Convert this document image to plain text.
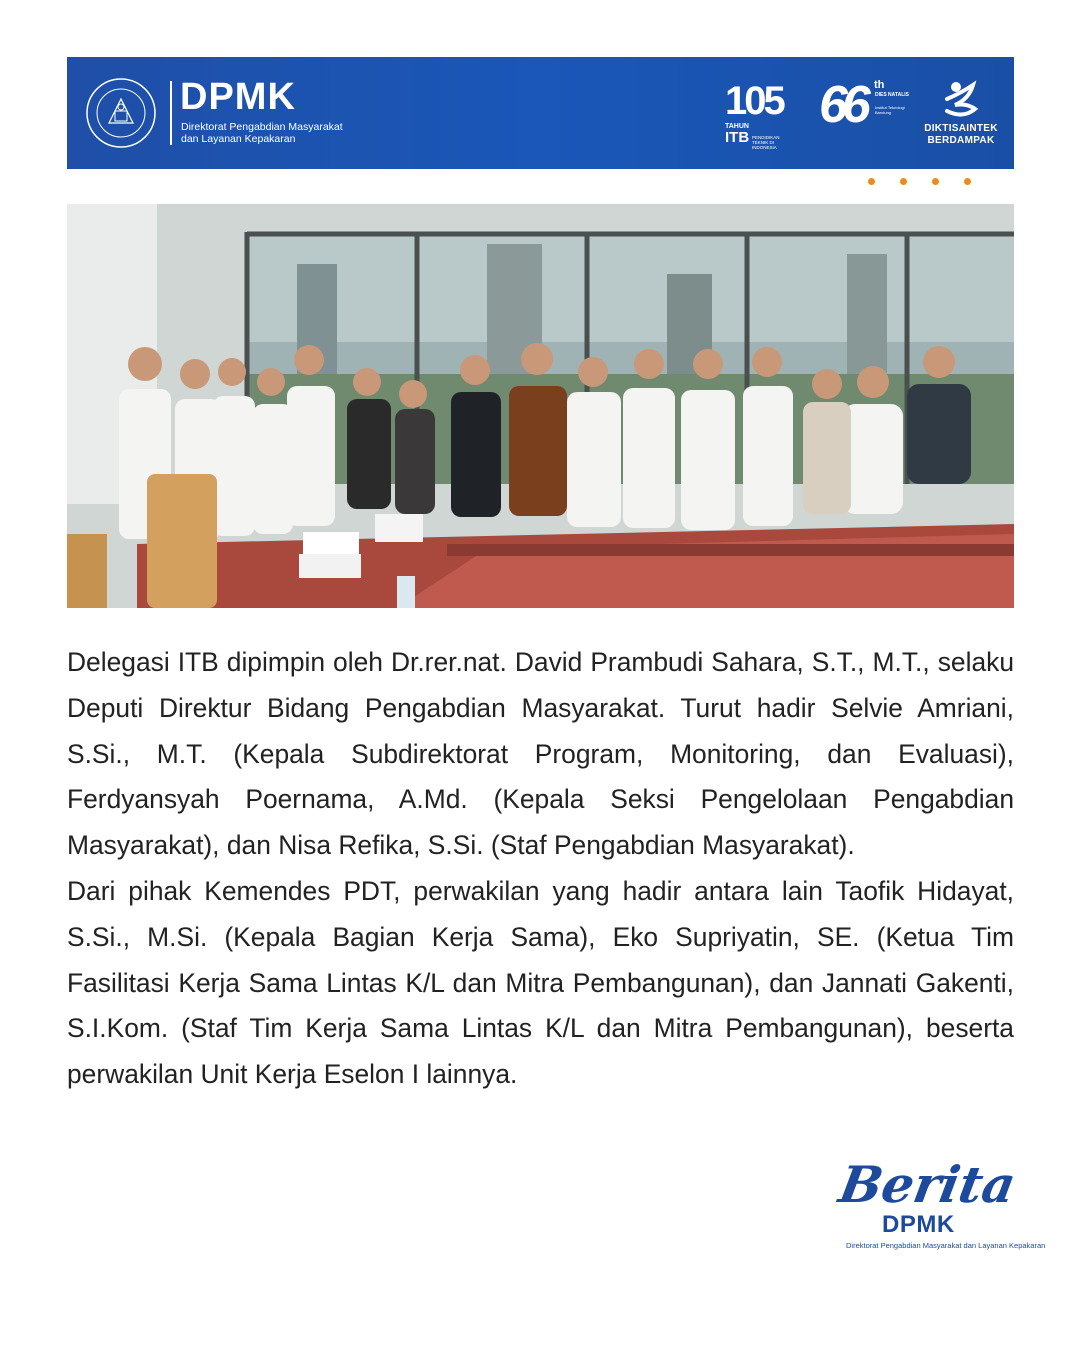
DPMK
Direktorat Pengabdian Masyarakat
dan Layanan Kepakaran
105
TAHUN
ITB PENDIDIKAN TEKNIK DI INDONESIA
66 th
DIES NATALIS
Institut Teknologi Bandung
DIKTISAINTEK
BERDAMPAK

Delegasi ITB dipimpin oleh Dr.rer.nat. David Prambudi Sahara, S.T., M.T., selaku Deputi Direktur Bidang Pengabdian Masyarakat. Turut hadir Selvie Amriani, S.Si., M.T. (Kepala Subdirektorat Program, Monitoring, dan Evaluasi), Ferdyansyah Poernama, A.Md. (Kepala Seksi Pengelolaan Pengabdian Masyarakat), dan Nisa Refika, S.Si. (Staf Pengabdian Masyarakat).

Dari pihak Kemendes PDT, perwakilan yang hadir antara lain Taofik Hidayat, S.Si., M.Si. (Kepala Bagian Kerja Sama), Eko Supriyatin, SE. (Ketua Tim Fasilitasi Kerja Sama Lintas K/L dan Mitra Pembangunan), dan Jannati Gakenti, S.I.Kom. (Staf Tim Kerja Sama Lintas K/L dan Mitra Pembangunan), beserta perwakilan Unit Kerja Eselon I lainnya.

Berita
DPMK
Direktorat Pengabdian Masyarakat dan Layanan Kepakaran
